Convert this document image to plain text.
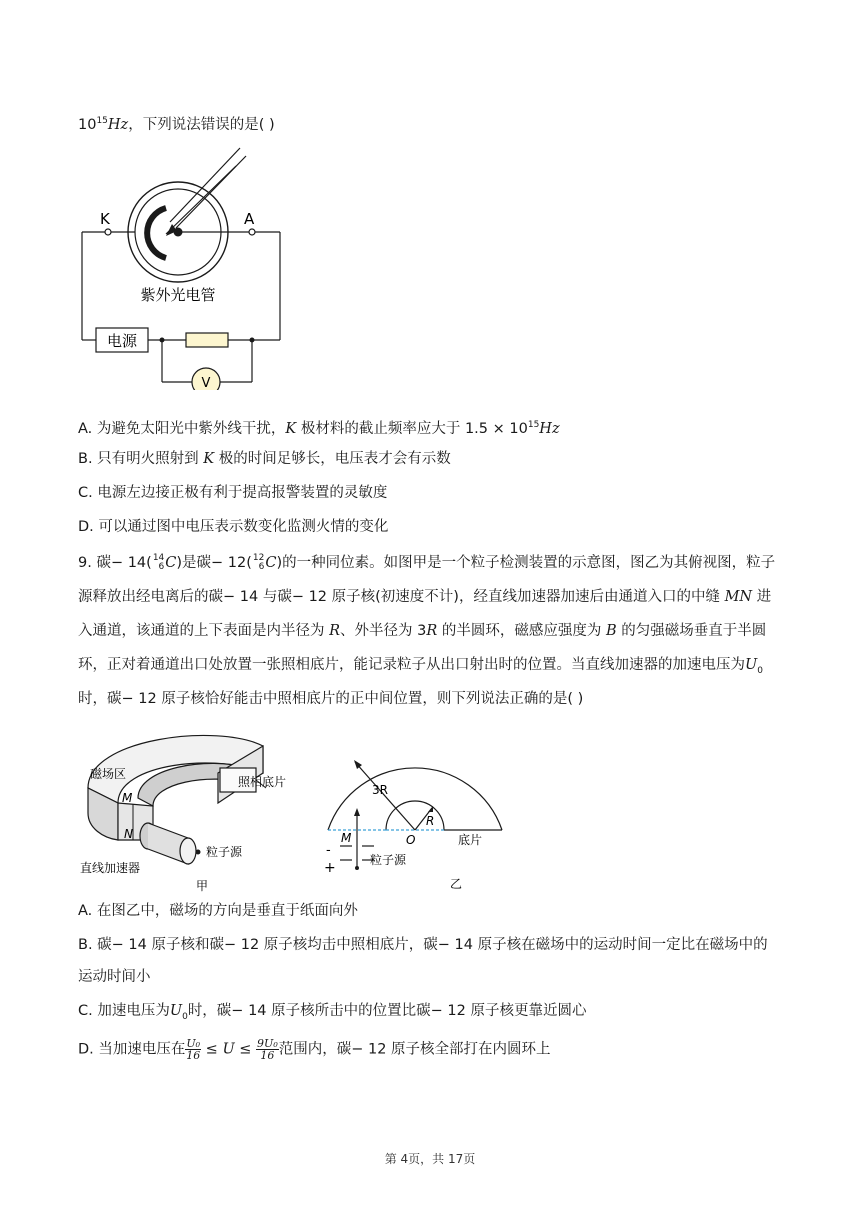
$10^{15}Hz$，下列说法错误的是( )
K	A
紫外光电管
电源
V
A. 为避免太阳光中紫外线干扰，K 极材料的截止频率应大于 $1.5 \times 10^{15}Hz$
B. 只有明火照射到 K 极的时间足够长，电压表才会有示数
C. 电源左边接正极有利于提高报警装置的灵敏度
D. 可以通过图中电压表示数变化监测火情的变化
9. 碳− 14( 14
6 C)是碳− 12( 12
6 C)的一种同位素。如图甲是一个粒子检测装置的示意图，图乙为其俯视图，粒子
源释放出经电离后的碳− 14 与碳− 12 原子核(初速度不计)，经直线加速器加速后由通道入口的中缝 MN 进
入通道，该通道的上下表面是内半径为 R、外半径为 3R 的半圆环，磁感应强度为 B 的匀强磁场垂直于半圆
环，正对着通道出口处放置一张照相底片，能记录粒子从出口射出时的位置。当直线加速器的加速电压为$U_0$
时，碳− 12 原子核恰好能击中照相底片的正中间位置，则下列说法正确的是( )
磁场区
照相底片
M
N
粒子源
直线加速器
甲
3R
R
O
M	底片
粒子源
-
+
乙
A. 在图乙中，磁场的方向是垂直于纸面向外
B. 碳− 14 原子核和碳− 12 原子核均击中照相底片，碳− 14 原子核在磁场中的运动时间一定比在磁场中的
运动时间小
C. 加速电压为$U_0$时，碳− 14 原子核所击中的位置比碳− 12 原子核更靠近圆心
D. 当加速电压在 $\frac{\text{U₀}}{16} \le U \le \frac{\text{9U₀}}{16}$ 范围内，碳− 12 原子核全部打在内圆环上
第 4页，共 17页
